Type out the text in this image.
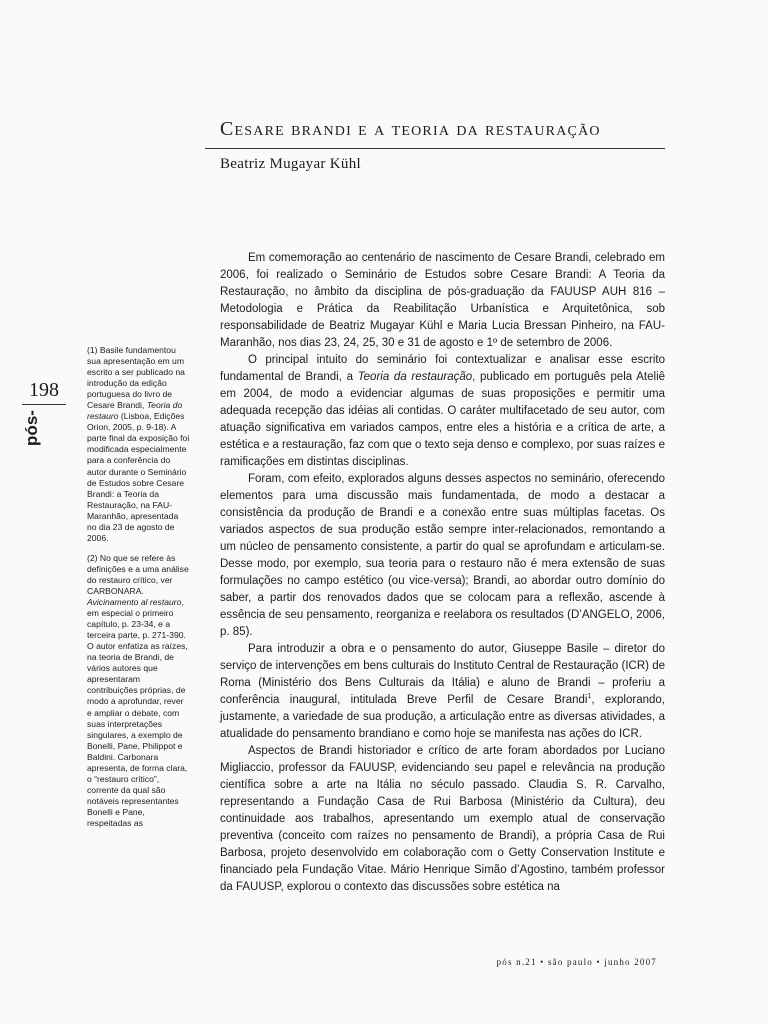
Cesare brandi e a teoria da restauração
Beatriz Mugayar Kühl
198
pós-

(1) Basile fundamentou sua apresentação em um escrito a ser publicado na introdução da edição portuguesa do livro de Cesare Brandi, Teoria do restauro (Lisboa, Edições Orion, 2005, p. 9-18). A parte final da exposição foi modificada especialmente para a conferência do autor durante o Seminário de Estudos sobre Cesare Brandi: a Teoria da Restauração, na FAU-Maranhão, apresentada no dia 23 de agosto de 2006.

(2) No que se refere às definições e a uma análise do restauro crítico, ver CARBONARA. Avicinamento al restauro, em especial o primeiro capítulo, p. 23-34, e a terceira parte, p. 271-390. O autor enfatiza as raízes, na teoria de Brandi, de vários autores que apresentaram contribuições próprias, de modo a aprofundar, rever e ampliar o debate, com suas interpretações singulares, a exemplo de Bonelli, Pane, Philippot e Baldini. Carbonara apresenta, de forma clara, o “restauro crítico”, corrente da qual são notáveis representantes Bonelli e Pane, respeitadas as

Em comemoração ao centenário de nascimento de Cesare Brandi, celebrado em 2006, foi realizado o Seminário de Estudos sobre Cesare Brandi: A Teoria da Restauração, no âmbito da disciplina de pós-graduação da FAUUSP AUH 816 – Metodologia e Prática da Reabilitação Urbanística e Arquitetônica, sob responsabilidade de Beatriz Mugayar Kühl e Maria Lucia Bressan Pinheiro, na FAU-Maranhão, nos dias 23, 24, 25, 30 e 31 de agosto e 1º de setembro de 2006.

O principal intuito do seminário foi contextualizar e analisar esse escrito fundamental de Brandi, a Teoria da restauração, publicado em português pela Ateliê em 2004, de modo a evidenciar algumas de suas proposições e permitir uma adequada recepção das idéias ali contidas. O caráter multifacetado de seu autor, com atuação significativa em variados campos, entre eles a história e a crítica de arte, a estética e a restauração, faz com que o texto seja denso e complexo, por suas raízes e ramificações em distintas disciplinas.

Foram, com efeito, explorados alguns desses aspectos no seminário, oferecendo elementos para uma discussão mais fundamentada, de modo a destacar a consistência da produção de Brandi e a conexão entre suas múltiplas facetas. Os variados aspectos de sua produção estão sempre inter-relacionados, remontando a um núcleo de pensamento consistente, a partir do qual se aprofundam e articulam-se. Desse modo, por exemplo, sua teoria para o restauro não é mera extensão de suas formulações no campo estético (ou vice-versa); Brandi, ao abordar outro domínio do saber, a partir dos renovados dados que se colocam para a reflexão, ascende à essência de seu pensamento, reorganiza e reelabora os resultados (D’ANGELO, 2006, p. 85).

Para introduzir a obra e o pensamento do autor, Giuseppe Basile – diretor do serviço de intervenções em bens culturais do Instituto Central de Restauração (ICR) de Roma (Ministério dos Bens Culturais da Itália) e aluno de Brandi – proferiu a conferência inaugural, intitulada Breve Perfil de Cesare Brandi$^1$, explorando, justamente, a variedade de sua produção, a articulação entre as diversas atividades, a atualidade do pensamento brandiano e como hoje se manifesta nas ações do ICR.

Aspectos de Brandi historiador e crítico de arte foram abordados por Luciano Migliaccio, professor da FAUUSP, evidenciando seu papel e relevância na produção científica sobre a arte na Itália no século passado. Claudia S. R. Carvalho, representando a Fundação Casa de Rui Barbosa (Ministério da Cultura), deu continuidade aos trabalhos, apresentando um exemplo atual de conservação preventiva (conceito com raízes no pensamento de Brandi), a própria Casa de Rui Barbosa, projeto desenvolvido em colaboração com o Getty Conservation Institute e financiado pela Fundação Vitae. Mário Henrique Simão d’Agostino, também professor da FAUUSP, explorou o contexto das discussões sobre estética na

pós n.21 • são paulo • junho 2007
